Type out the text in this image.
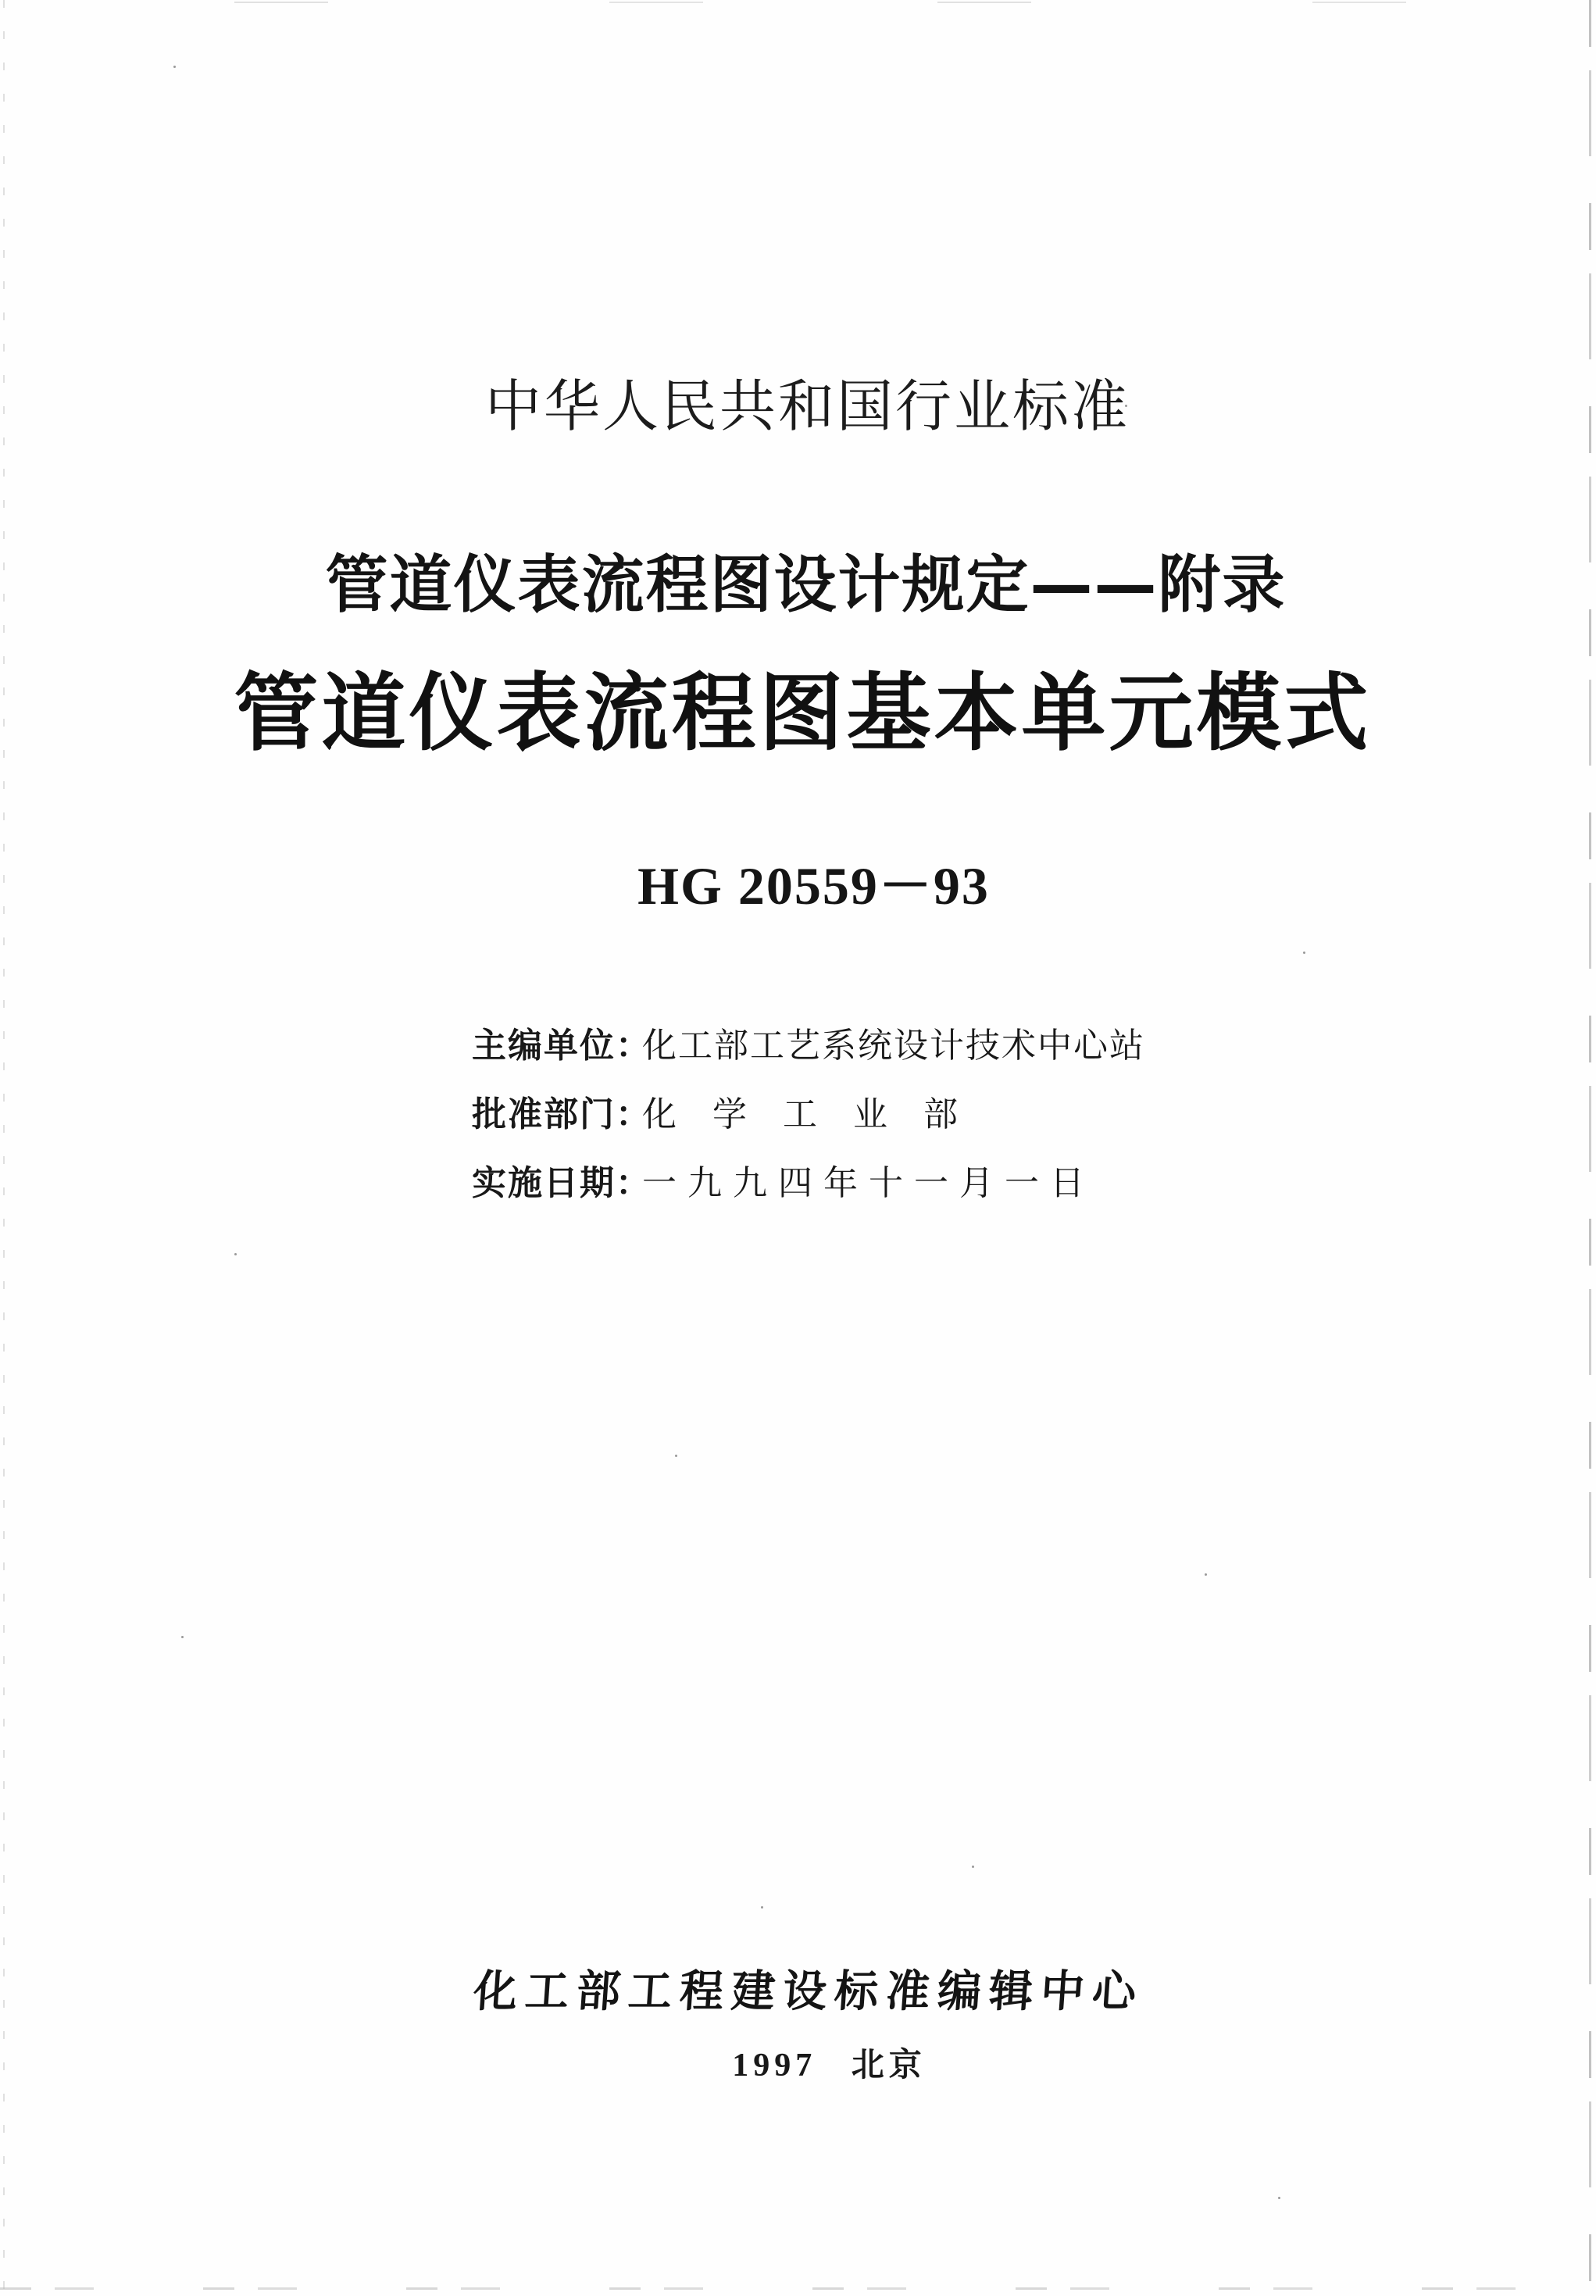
中华人民共和国行业标准
管道仪表流程图设计规定——附录
管道仪表流程图基本单元模式
HG 20559－93
主编单位：
化工部工艺系统设计技术中心站
批准部门：
化学工业部
实施日期：
一九九四年十一月一日
化工部工程建设标准编辑中心
1997 北京
